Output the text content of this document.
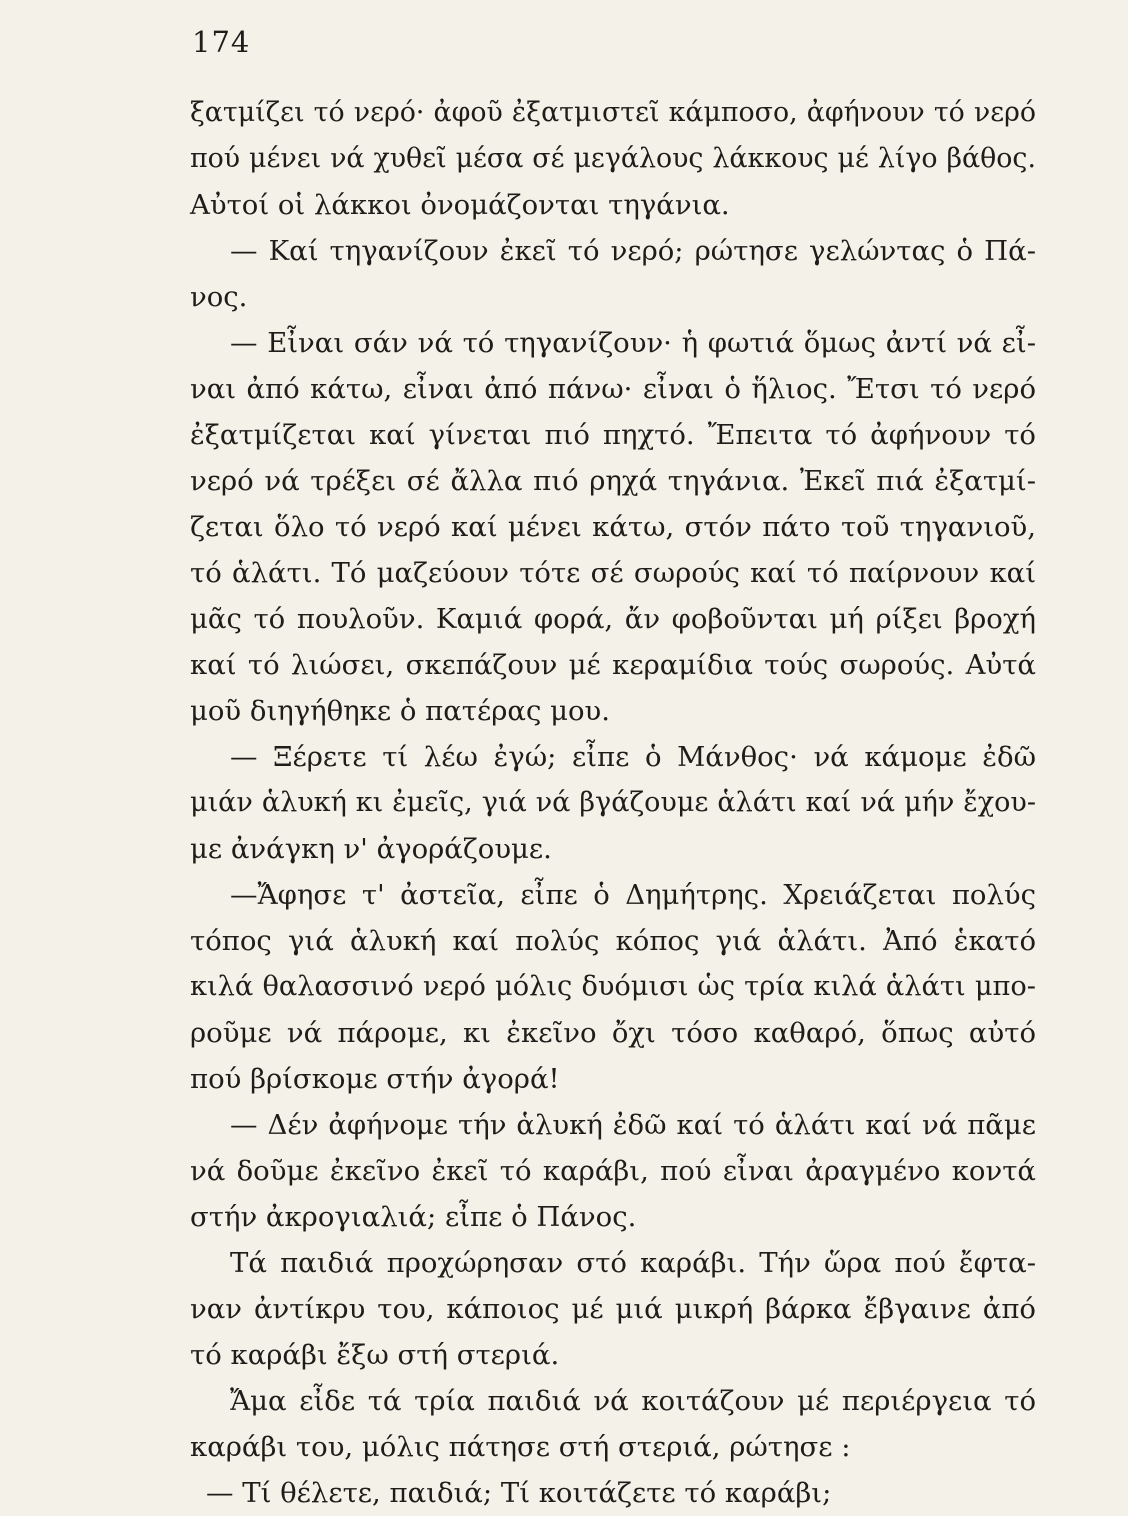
174
ξατμίζει τό νερό· ἀφοῦ ἐξατμιστεῖ κάμποσο, ἀφήνουν τό νερό
πού μένει νά χυθεῖ μέσα σέ μεγάλους λάκκους μέ λίγο βάθος.
Αὐτοί οἱ λάκκοι ὀνομάζονται τηγάνια.
— Καί τηγανίζουν ἐκεῖ τό νερό; ρώτησε γελώντας ὁ Πά-
νος.
— Εἶναι σάν νά τό τηγανίζουν· ἡ φωτιά ὅμως ἀντί νά εἶ-
ναι ἀπό κάτω, εἶναι ἀπό πάνω· εἶναι ὁ ἥλιος. Ἔτσι τό νερό
ἐξατμίζεται καί γίνεται πιό πηχτό. Ἔπειτα τό ἀφήνουν τό
νερό νά τρέξει σέ ἄλλα πιό ρηχά τηγάνια. Ἐκεῖ πιά ἐξατμί-
ζεται ὅλο τό νερό καί μένει κάτω, στόν πάτο τοῦ τηγανιοῦ,
τό ἁλάτι. Τό μαζεύουν τότε σέ σωρούς καί τό παίρνουν καί
μᾶς τό πουλοῦν. Καμιά φορά, ἄν φοβοῦνται μή ρίξει βροχή
καί τό λιώσει, σκεπάζουν μέ κεραμίδια τούς σωρούς. Αὐτά
μοῦ διηγήθηκε ὁ πατέρας μου.
— Ξέρετε τί λέω ἐγώ; εἶπε ὁ Μάνθος· νά κάμομε ἐδῶ
μιάν ἁλυκή κι ἐμεῖς, γιά νά βγάζουμε ἁλάτι καί νά μήν ἔχου-
με ἀνάγκη ν' ἀγοράζουμε.
—Ἄφησε τ' ἀστεῖα, εἶπε ὁ Δημήτρης. Χρειάζεται πολύς
τόπος γιά ἁλυκή καί πολύς κόπος γιά ἁλάτι. Ἀπό ἑκατό
κιλά θαλασσινό νερό μόλις δυόμισι ὡς τρία κιλά ἁλάτι μπο-
ροῦμε νά πάρομε, κι ἐκεῖνο ὄχι τόσο καθαρό, ὅπως αὐτό
πού βρίσκομε στήν ἀγορά!
— Δέν ἀφήνομε τήν ἁλυκή ἐδῶ καί τό ἁλάτι καί νά πᾶμε
νά δοῦμε ἐκεῖνο ἐκεῖ τό καράβι, πού εἶναι ἀραγμένο κοντά
στήν ἀκρογιαλιά; εἶπε ὁ Πάνος.
Τά παιδιά προχώρησαν στό καράβι. Τήν ὥρα πού ἔφτα-
ναν ἀντίκρυ του, κάποιος μέ μιά μικρή βάρκα ἔβγαινε ἀπό
τό καράβι ἔξω στή στεριά.
Ἄμα εἶδε τά τρία παιδιά νά κοιτάζουν μέ περιέργεια τό
καράβι του, μόλις πάτησε στή στεριά, ρώτησε :
— Τί θέλετε, παιδιά; Τί κοιτάζετε τό καράβι;
